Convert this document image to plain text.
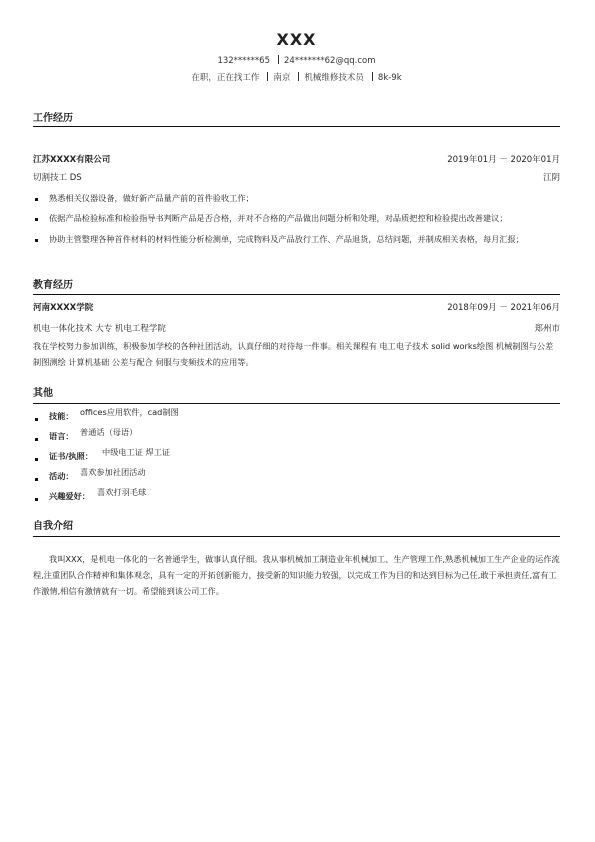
XXX
132******65 24*******62@qq.com
在职，正在找工作 南京 机械维修技术员 8k-9k
工作经历
江苏XXXX有限公司	2019年01月 － 2020年01月
切割技工 DS	江阴
熟悉相关仪器设备，做好新产品量产前的首件验收工作；
依据产品检验标准和检验指导书判断产品是否合格，并对不合格的产品做出问题分析和处理，对品质把控和检验提出改善建议；
协助主管整理各种首件材料的材料性能分析检测单，完成物料及产品放行工作、产品退货，总结问题，并制成相关表格，每月汇报；
教育经历
河南XXXX学院	2018年09月 － 2021年06月
机电一体化技术 大专 机电工程学院	郑州市
我在学校努力参加训练，积极参加学校的各种社团活动，认真仔细的对待每一件事。相关课程有 电工电子技术 solid works绘图 机械制图与公差 制图测绘 计算机基础 公差与配合 伺服与变频技术的应用等。
其他
技能： offices应用软件，cad制图
语言： 普通话（母语）
证书/执照： 中级电工证 焊工证
活动： 喜欢参加社团活动
兴趣爱好： 喜欢打羽毛球
自我介绍
我叫XXX，是机电一体化的一名普通学生，做事认真仔细。我从事机械加工制造业年机械加工、生产管理工作,熟悉机械加工生产企业的运作流程,注重团队合作精神和集体观念，具有一定的开拓创新能力，接受新的知识能力较强，以完成工作为目的和达到目标为己任,敢于承担责任,富有工作激情,相信有激情就有一切。希望能到该公司工作。
